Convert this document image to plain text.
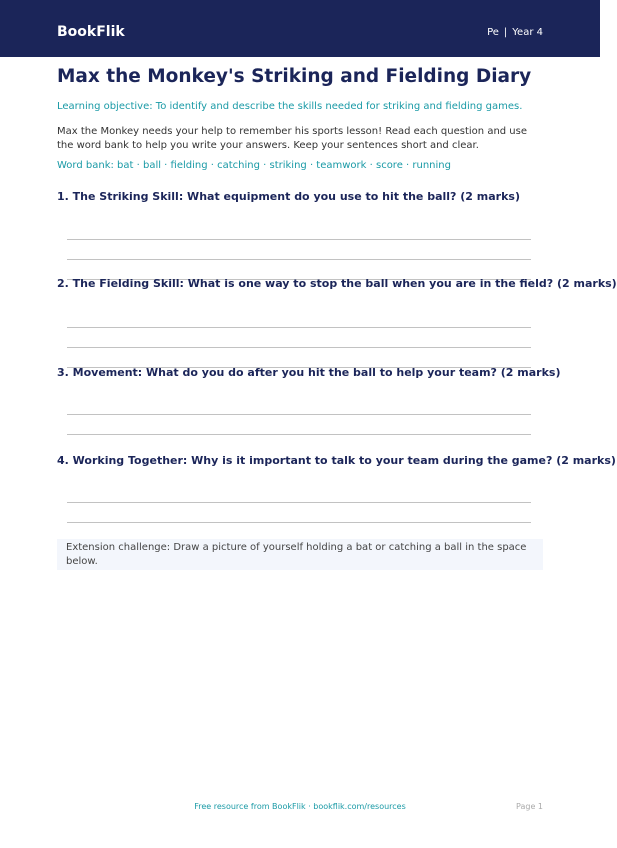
BookFlik	Pe | Year 4
Max the Monkey's Striking and Fielding Diary
Learning objective: To identify and describe the skills needed for striking and fielding games.
Max the Monkey needs your help to remember his sports lesson! Read each question and use the word bank to help you write your answers. Keep your sentences short and clear.
Word bank: bat · ball · fielding · catching · striking · teamwork · score · running
1. The Striking Skill: What equipment do you use to hit the ball? (2 marks)
2. The Fielding Skill: What is one way to stop the ball when you are in the field? (2 marks)
3. Movement: What do you do after you hit the ball to help your team? (2 marks)
4. Working Together: Why is it important to talk to your team during the game? (2 marks)
Extension challenge: Draw a picture of yourself holding a bat or catching a ball in the space below.
Free resource from BookFlik · bookflik.com/resources	Page 1
